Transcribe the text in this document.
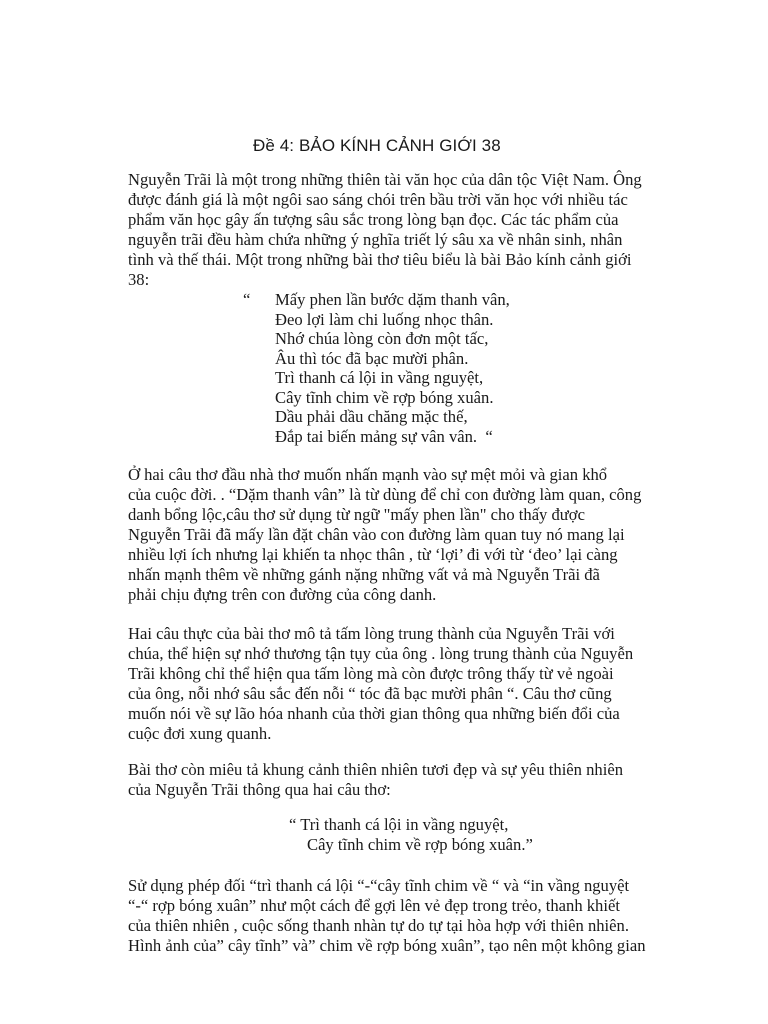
Đề 4: BẢO KÍNH CẢNH GIỚI 38
Nguyễn Trãi là một trong những thiên tài văn học của dân tộc Việt Nam. Ông
được đánh giá là một ngôi sao sáng chói trên bầu trời văn học với nhiều tác
phẩm văn học gây ấn tượng sâu sắc trong lòng bạn đọc. Các tác phẩm của
nguyễn trãi đều hàm chứa những ý nghĩa triết lý sâu xa về nhân sinh, nhân
tình và thế thái. Một trong những bài thơ tiêu biểu là bài Bảo kính cảnh giới
38:
“ Mấy phen lần bước dặm thanh vân,
Đeo lợi làm chi luống nhọc thân.
Nhớ chúa lòng còn đơn một tấc,
Âu thì tóc đã bạc mười phân.
Trì thanh cá lội in vầng nguyệt,
Cây tĩnh chim về rợp bóng xuân.
Dầu phải dầu chăng mặc thế,
Đắp tai biến mảng sự vân vân. “
Ở hai câu thơ đầu nhà thơ muốn nhấn mạnh vào sự mệt mỏi và gian khổ
của cuộc đời. . “Dặm thanh vân” là từ dùng để chỉ con đường làm quan, công
danh bổng lộc,câu thơ sử dụng từ ngữ "mấy phen lần" cho thấy được
Nguyễn Trãi đã mấy lần đặt chân vào con đường làm quan tuy nó mang lại
nhiều lợi ích nhưng lại khiến ta nhọc thân , từ ‘lợi’ đi với từ ‘đeo’ lại càng
nhấn mạnh thêm về những gánh nặng những vất vả mà Nguyễn Trãi đã
phải chịu đựng trên con đường của công danh.
Hai câu thực của bài thơ mô tả tấm lòng trung thành của Nguyễn Trãi với
chúa, thể hiện sự nhớ thương tận tụy của ông . lòng trung thành của Nguyễn
Trãi không chỉ thể hiện qua tấm lòng mà còn được trông thấy từ vẻ ngoài
của ông, nỗi nhớ sâu sắc đến nỗi “ tóc đã bạc mười phân “. Câu thơ cũng
muốn nói về sự lão hóa nhanh của thời gian thông qua những biến đổi của
cuộc đơi xung quanh.
Bài thơ còn miêu tả khung cảnh thiên nhiên tươi đẹp và sự yêu thiên nhiên
của Nguyễn Trãi thông qua hai câu thơ:
“ Trì thanh cá lội in vầng nguyệt,
Cây tĩnh chim về rợp bóng xuân.”
Sử dụng phép đối “trì thanh cá lội “-“cây tĩnh chim về “ và “in vầng nguyệt
“-“ rợp bóng xuân” như một cách để gợi lên vẻ đẹp trong trẻo, thanh khiết
của thiên nhiên , cuộc sống thanh nhàn tự do tự tại hòa hợp với thiên nhiên.
Hình ảnh của” cây tĩnh” và” chim về rợp bóng xuân”, tạo nên một không gian
